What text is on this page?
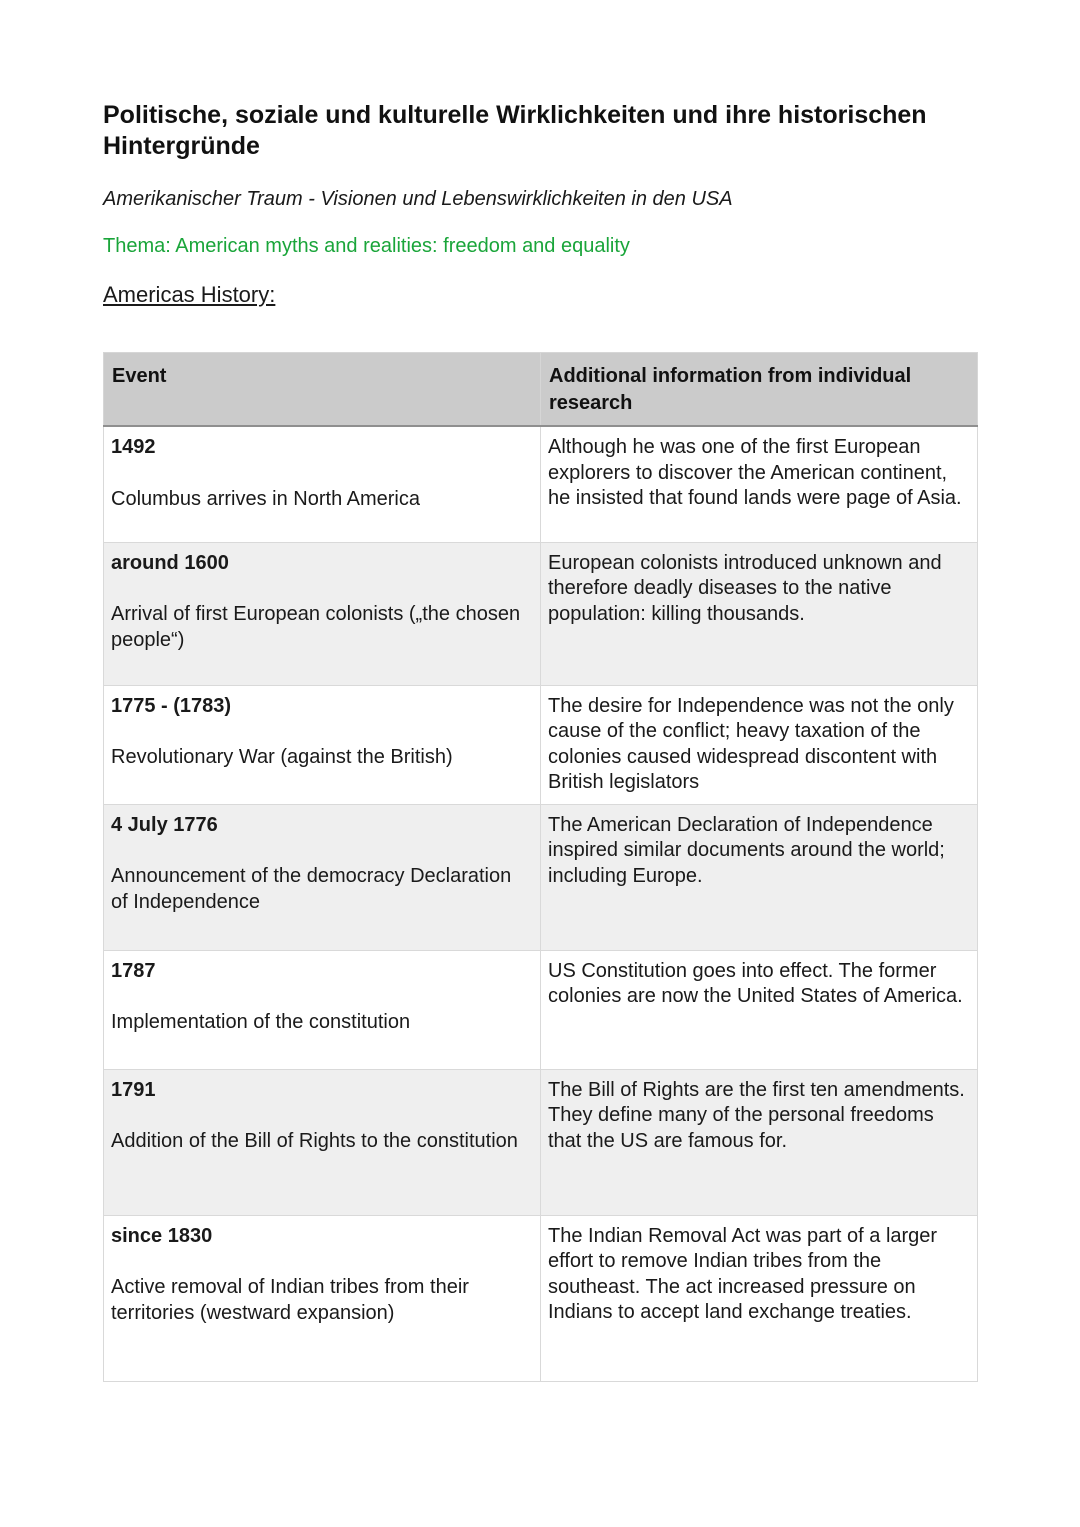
Politische, soziale und kulturelle Wirklichkeiten und ihre historischen Hintergründe

Amerikanischer Traum - Visionen und Lebenswirklichkeiten in den USA

Thema: American myths and realities: freedom and equality

Americas History:

Event	Additional information from individual research

1492
Columbus arrives in North America	Although he was one of the first European explorers to discover the American continent, he insisted that found lands were page of Asia.

around 1600
Arrival of first European colonists („the chosen people“)	European colonists introduced unknown and therefore deadly diseases to the native population: killing thousands.

1775 - (1783)
Revolutionary War (against the British)	The desire for Independence was not the only cause of the conflict; heavy taxation of the colonies caused widespread discontent with British legislators

4 July 1776
Announcement of the democracy Declaration of Independence	The American Declaration of Independence inspired similar documents around the world; including Europe.

1787
Implementation of the constitution	US Constitution goes into effect. The former colonies are now the United States of America.

1791
Addition of the Bill of Rights to the constitution	The Bill of Rights are the first ten amendments. They define many of the personal freedoms that the US are famous for.

since 1830
Active removal of Indian tribes from their territories (westward expansion)	The Indian Removal Act was part of a larger effort to remove Indian tribes from the southeast. The act increased pressure on Indians to accept land exchange treaties.
